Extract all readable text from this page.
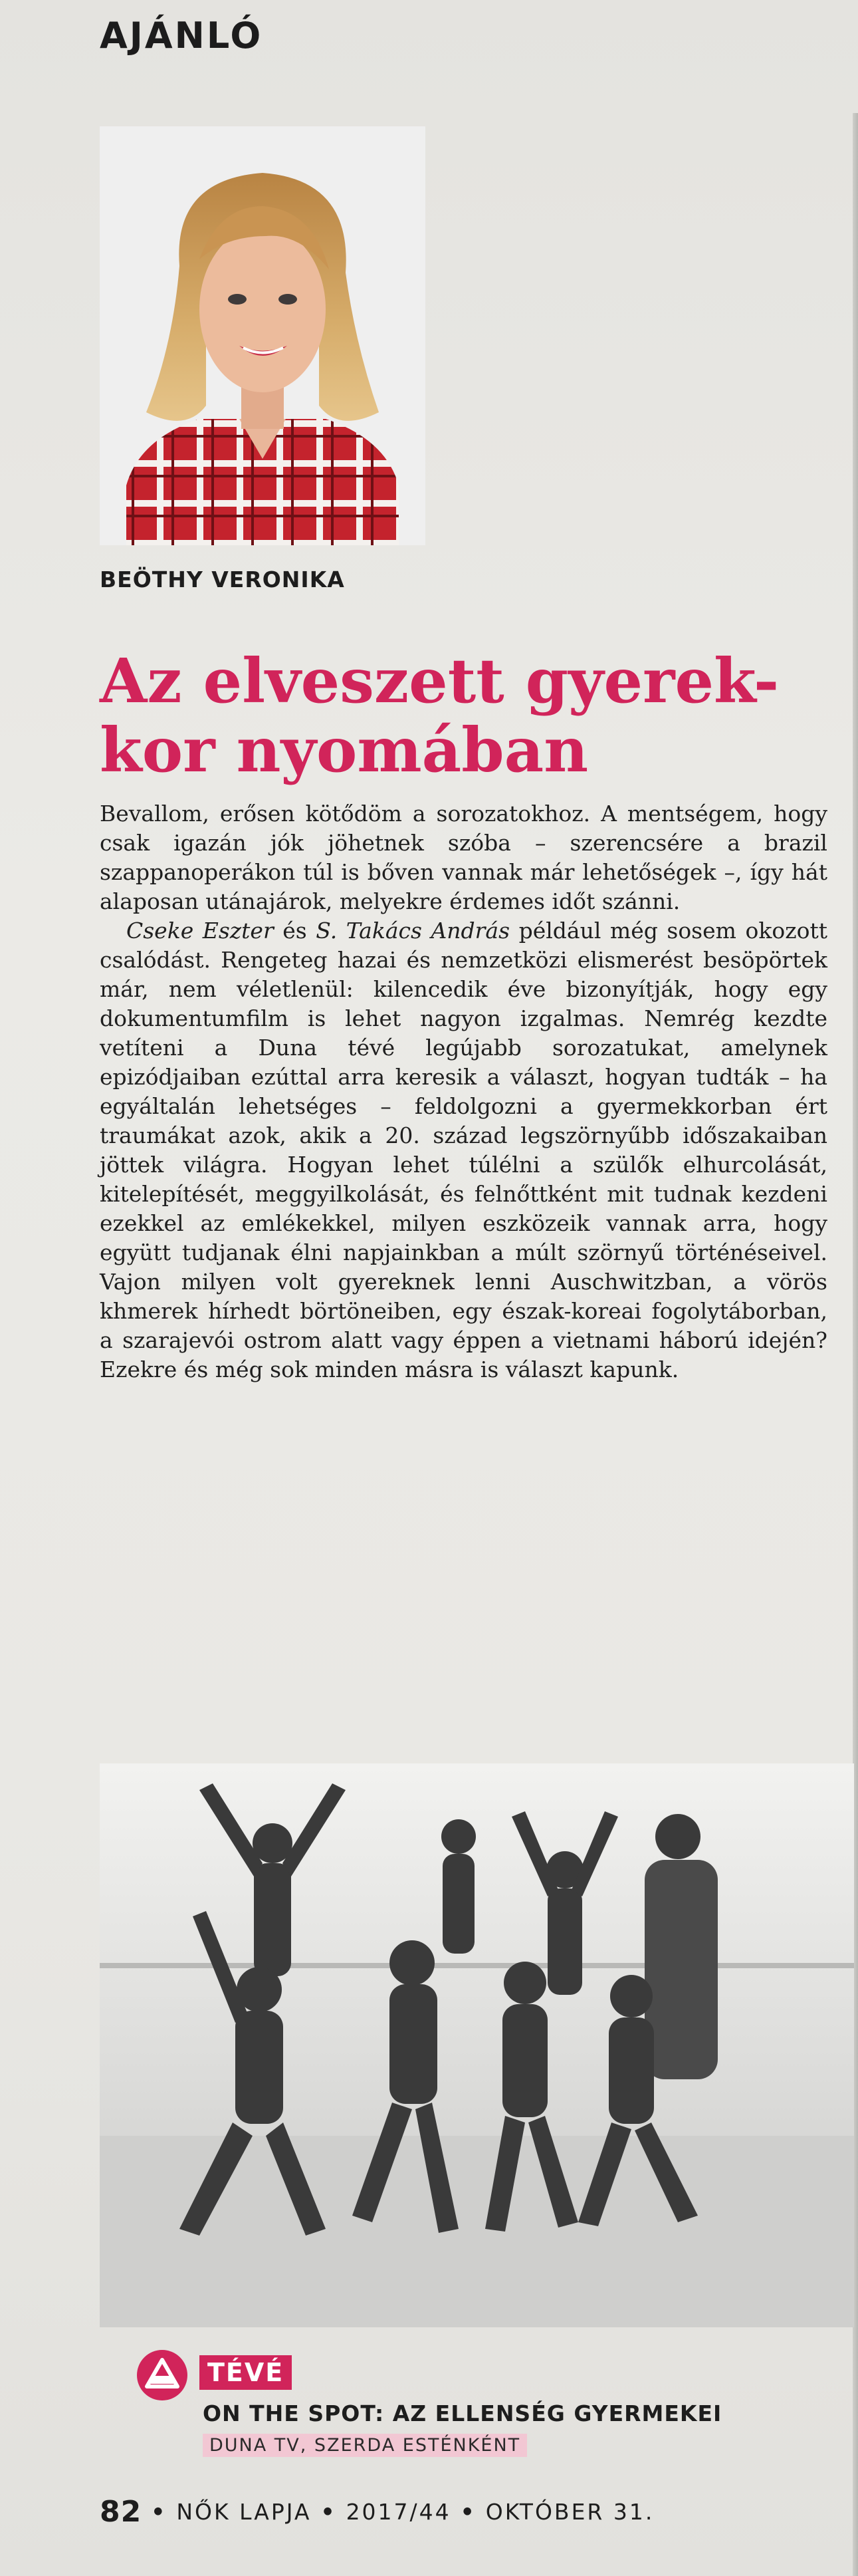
AJÁNLÓ
BEÖTHY VERONIKA
Az elveszett gyerek-
kor nyomában

Bevallom, erősen kötődöm a sorozatokhoz. A mentségem, hogy csak igazán jók jöhetnek szóba – szerencsére a brazil szappanoperákon túl is bőven vannak már lehetőségek –, így hát alaposan utánajárok, melyekre érdemes időt szánni.

Cseke Eszter és S. Takács András például még sosem okozott csalódást. Rengeteg hazai és nemzetközi elismerést besöpörtek már, nem véletlenül: kilencedik éve bizonyítják, hogy egy dokumentumfilm is lehet nagyon izgalmas. Nemrég kezdte vetíteni a Duna tévé legújabb sorozatukat, amelynek epizódjaiban ezúttal arra keresik a választ, hogyan tudták – ha egyáltalán lehetséges – feldolgozni a gyermekkorban ért traumákat azok, akik a 20. század legszörnyűbb időszakaiban jöttek világra. Hogyan lehet túlélni a szülők elhurcolását, kitelepítését, meggyilkolását, és felnőttként mit tudnak kezdeni ezekkel az emlékekkel, milyen eszközeik vannak arra, hogy együtt tudjanak élni napjainkban a múlt szörnyű történéseivel. Vajon milyen volt gyereknek lenni Auschwitzban, a vörös khmerek hírhedt börtöneiben, egy észak-koreai fogolytáborban, a szarajevói ostrom alatt vagy éppen a vietnami háború idején? Ezekre és még sok minden másra is választ kapunk.

TÉVÉ
ON THE SPOT: AZ ELLENSÉG GYERMEKEI
DUNA TV, SZERDA ESTÉNKÉNT
82 • NŐK LAPJA • 2017/44 • OKTÓBER 31.
